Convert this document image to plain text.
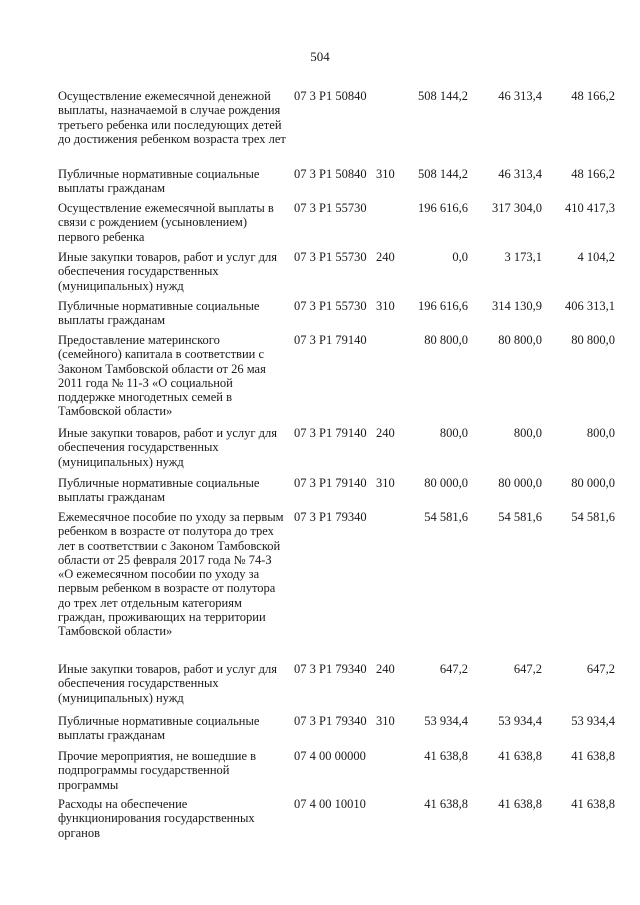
504
Осуществление ежемесячной денежной выплаты, назначаемой в случае рождения третьего ребенка или последующих детей до достижения ребенком возраста трех лет
07 3 P1 50840	508 144,2	46 313,4	48 166,2
Публичные нормативные социальные выплаты гражданам
07 3 P1 50840 310	508 144,2	46 313,4	48 166,2
Осуществление ежемесячной выплаты в связи с рождением (усыновлением) первого ребенка
07 3 P1 55730	196 616,6	317 304,0	410 417,3
Иные закупки товаров, работ и услуг для обеспечения государственных (муниципальных) нужд
07 3 P1 55730 240	0,0	3 173,1	4 104,2
Публичные нормативные социальные выплаты гражданам
07 3 P1 55730 310	196 616,6	314 130,9	406 313,1
Предоставление материнского (семейного) капитала в соответствии с Законом Тамбовской области от 26 мая 2011 года № 11-З «О социальной поддержке многодетных семей в Тамбовской области»
07 3 P1 79140	80 800,0	80 800,0	80 800,0
Иные закупки товаров, работ и услуг для обеспечения государственных (муниципальных) нужд
07 3 P1 79140 240	800,0	800,0	800,0
Публичные нормативные социальные выплаты гражданам
07 3 P1 79140 310	80 000,0	80 000,0	80 000,0
Ежемесячное пособие по уходу за первым ребенком в возрасте от полутора до трех лет в соответствии с Законом Тамбовской области от 25 февраля 2017 года № 74-З «О ежемесячном пособии по уходу за первым ребенком в возрасте от полутора до трех лет отдельным категориям граждан, проживающих на территории Тамбовской области»
07 3 P1 79340	54 581,6	54 581,6	54 581,6
Иные закупки товаров, работ и услуг для обеспечения государственных (муниципальных) нужд
07 3 P1 79340 240	647,2	647,2	647,2
Публичные нормативные социальные выплаты гражданам
07 3 P1 79340 310	53 934,4	53 934,4	53 934,4
Прочие мероприятия, не вошедшие в подпрограммы государственной программы
07 4 00 00000	41 638,8	41 638,8	41 638,8
Расходы на обеспечение функционирования государственных органов
07 4 00 10010	41 638,8	41 638,8	41 638,8
